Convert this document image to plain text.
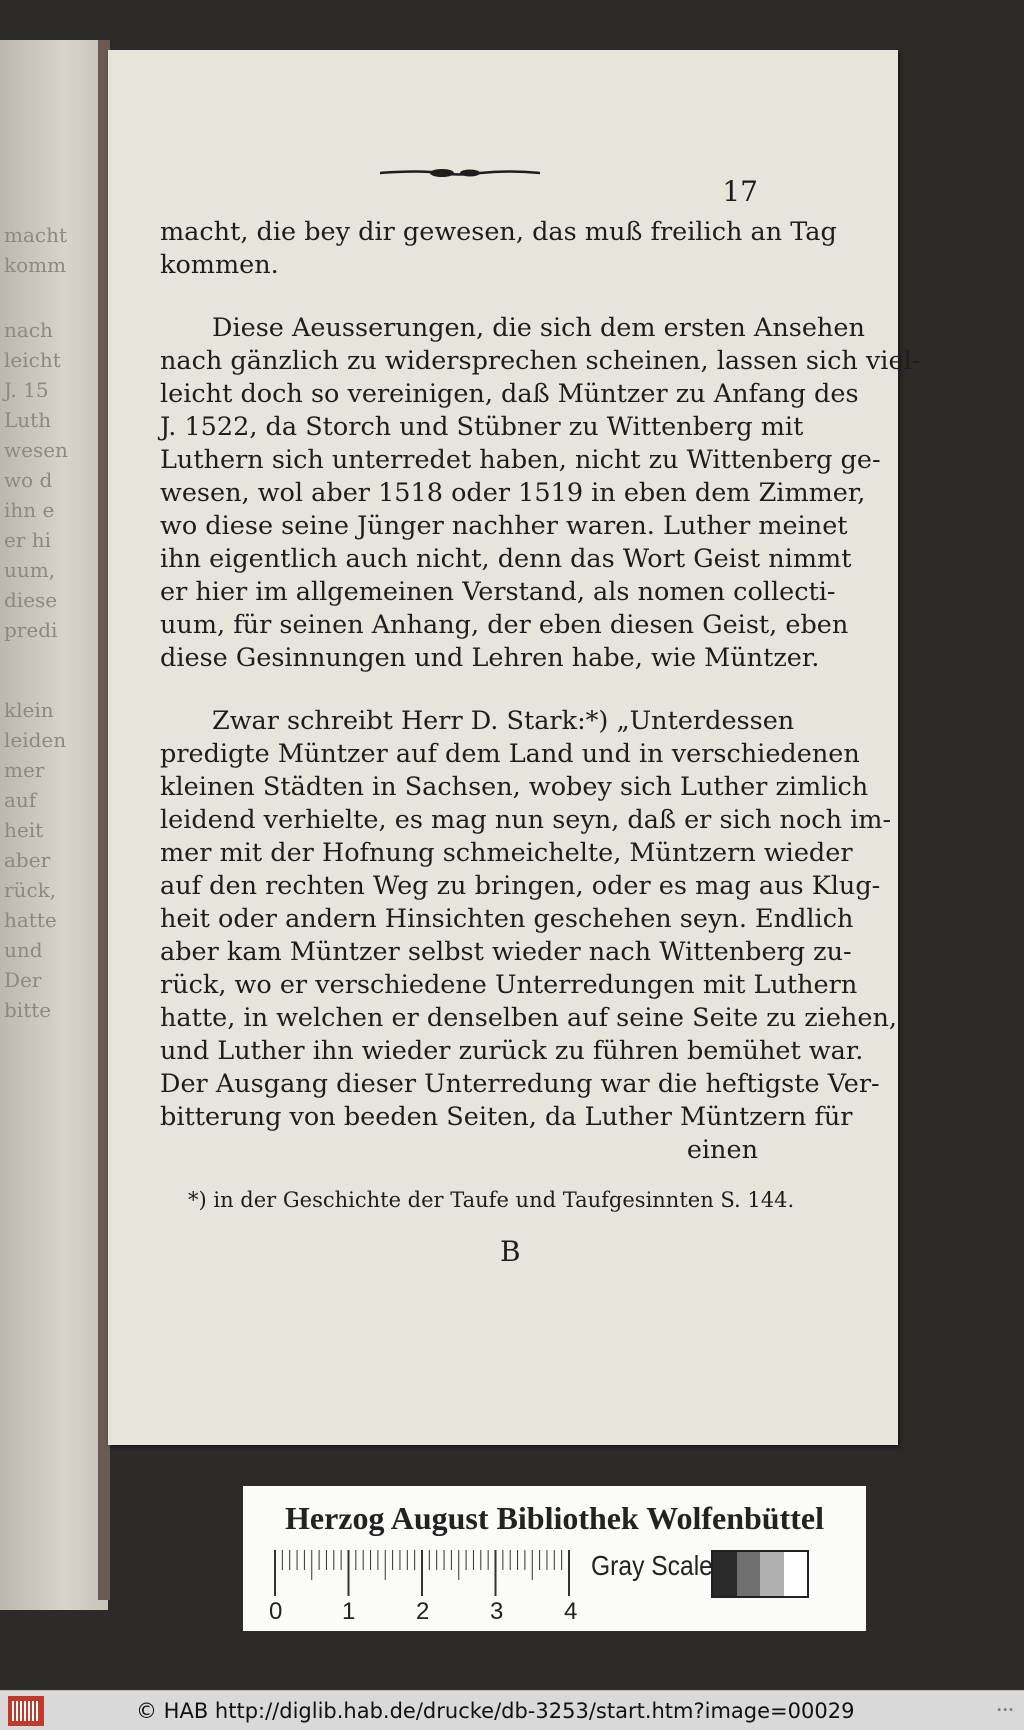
macht
komm
nach
leicht
J. 15
Luth
wesen
wo d
ihn e
er hi
uum,
diese
predi
klein
leiden
mer
auf
heit
aber
rück,
hatte
und
Der
bitte
17
macht, die bey dir gewesen, das muß freilich an Tag
kommen.
Diese Aeusserungen, die sich dem ersten Ansehen
nach gänzlich zu widersprechen scheinen, lassen sich viel-
leicht doch so vereinigen, daß Müntzer zu Anfang des
J. 1522, da Storch und Stübner zu Wittenberg mit
Luthern sich unterredet haben, nicht zu Wittenberg ge-
wesen, wol aber 1518 oder 1519 in eben dem Zimmer,
wo diese seine Jünger nachher waren. Luther meinet
ihn eigentlich auch nicht, denn das Wort Geist nimmt
er hier im allgemeinen Verstand, als nomen collecti-
uum, für seinen Anhang, der eben diesen Geist, eben
diese Gesinnungen und Lehren habe, wie Müntzer.
Zwar schreibt Herr D. Stark:*) „Unterdessen
predigte Müntzer auf dem Land und in verschiedenen
kleinen Städten in Sachsen, wobey sich Luther zimlich
leidend verhielte, es mag nun seyn, daß er sich noch im-
mer mit der Hofnung schmeichelte, Müntzern wieder
auf den rechten Weg zu bringen, oder es mag aus Klug-
heit oder andern Hinsichten geschehen seyn. Endlich
aber kam Müntzer selbst wieder nach Wittenberg zu-
rück, wo er verschiedene Unterredungen mit Luthern
hatte, in welchen er denselben auf seine Seite zu ziehen,
und Luther ihn wieder zurück zu führen bemühet war.
Der Ausgang dieser Unterredung war die heftigste Ver-
bitterung von beeden Seiten, da Luther Müntzern für
einen
*) in der Geschichte der Taufe und Taufgesinnten S. 144.
B
Herzog August Bibliothek Wolfenbüttel
0 1	2	3	4
Gray Scale
© HAB http://diglib.hab.de/drucke/db-3253/start.htm?image=00029	•••
